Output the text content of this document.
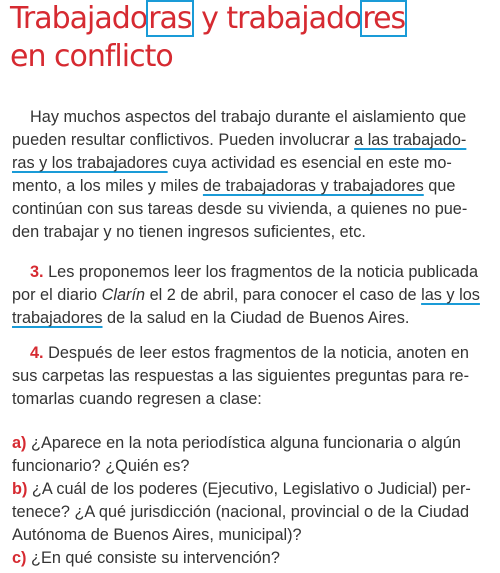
Trabajadoras y trabajadores
en conflicto
Hay muchos aspectos del trabajo durante el aislamiento que
pueden resultar conflictivos. Pueden involucrar a las trabajado-
ras y los trabajadores cuya actividad es esencial en este mo-
mento, a los miles y miles de trabajadoras y trabajadores que
continúan con sus tareas desde su vivienda, a quienes no pue-
den trabajar y no tienen ingresos suficientes, etc.
3. Les proponemos leer los fragmentos de la noticia publicada
por el diario Clarín el 2 de abril, para conocer el caso de las y los
trabajadores de la salud en la Ciudad de Buenos Aires.
4. Después de leer estos fragmentos de la noticia, anoten en
sus carpetas las respuestas a las siguientes preguntas para re-
tomarlas cuando regresen a clase:
a) ¿Aparece en la nota periodística alguna funcionaria o algún
funcionario? ¿Quién es?
b) ¿A cuál de los poderes (Ejecutivo, Legislativo o Judicial) per-
tenece? ¿A qué jurisdicción (nacional, provincial o de la Ciudad
Autónoma de Buenos Aires, municipal)?
c) ¿En qué consiste su intervención?
